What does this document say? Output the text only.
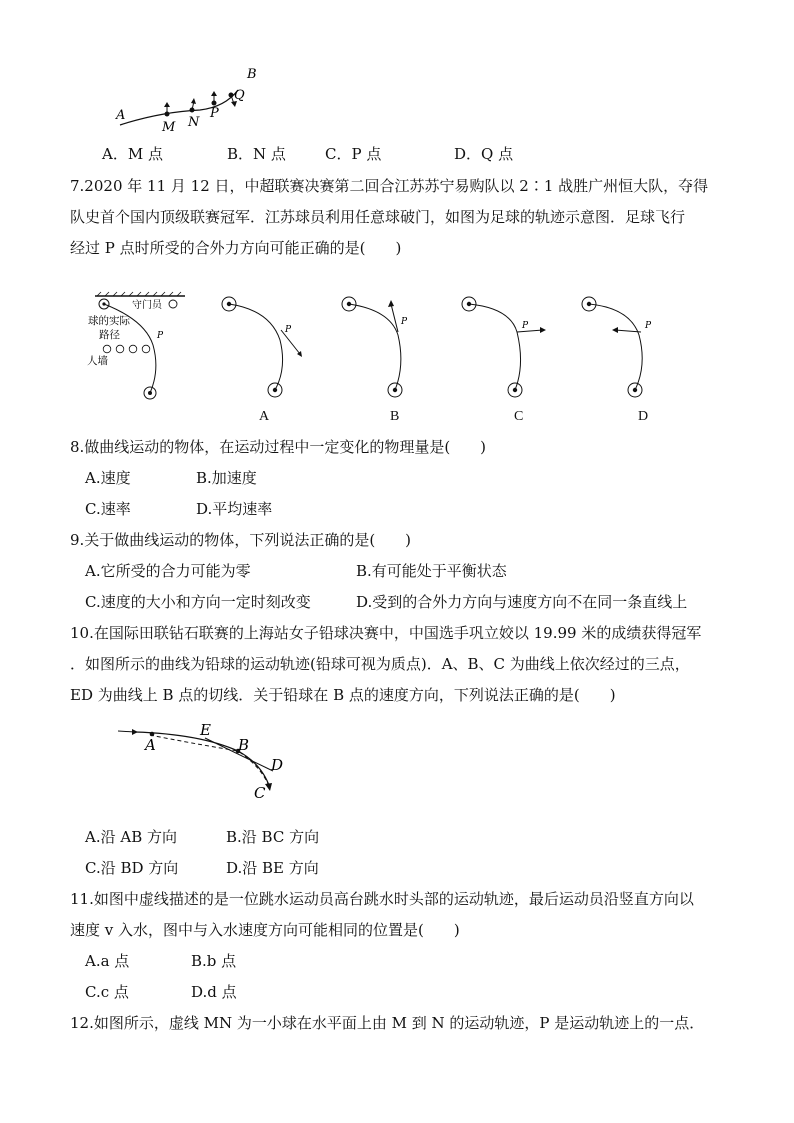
A
M N
P
Q
B
A．M 点	B．N 点	C．P 点	D．Q 点
7.2020 年 11 月 12 日，中超联赛决赛第二回合江苏苏宁易购队以 2∶1 战胜广州恒大队，夺得
队史首个国内顶级联赛冠军．江苏球员利用任意球破门，如图为足球的轨迹示意图．足球飞行
经过 P 点时所受的合外力方向可能正确的是(　　)
守门员
球的实际
路径	P
人墙
P
A
P
B
P
C
P
D
8.做曲线运动的物体，在运动过程中一定变化的物理量是(　　)
A.速度	B.加速度
C.速率	D.平均速率
9.关于做曲线运动的物体，下列说法正确的是(　　)
A.它所受的合力可能为零	B.有可能处于平衡状态
C.速度的大小和方向一定时刻改变	D.受到的合外力方向与速度方向不在同一条直线上
10.在国际田联钻石联赛的上海站女子铅球决赛中，中国选手巩立姣以 19.99 米的成绩获得冠军
．如图所示的曲线为铅球的运动轨迹(铅球可视为质点)．A、B、C 为曲线上依次经过的三点，
ED 为曲线上 B 点的切线．关于铅球在 B 点的速度方向，下列说法正确的是(　　)
A
E
B
D
C
A.沿 AB 方向	B.沿 BC 方向
C.沿 BD 方向	D.沿 BE 方向
11.如图中虚线描述的是一位跳水运动员高台跳水时头部的运动轨迹，最后运动员沿竖直方向以
速度 v 入水，图中与入水速度方向可能相同的位置是(　　)
A.a 点	B.b 点
C.c 点	D.d 点
12.如图所示，虚线 MN 为一小球在水平面上由 M 到 N 的运动轨迹，P 是运动轨迹上的一点．
